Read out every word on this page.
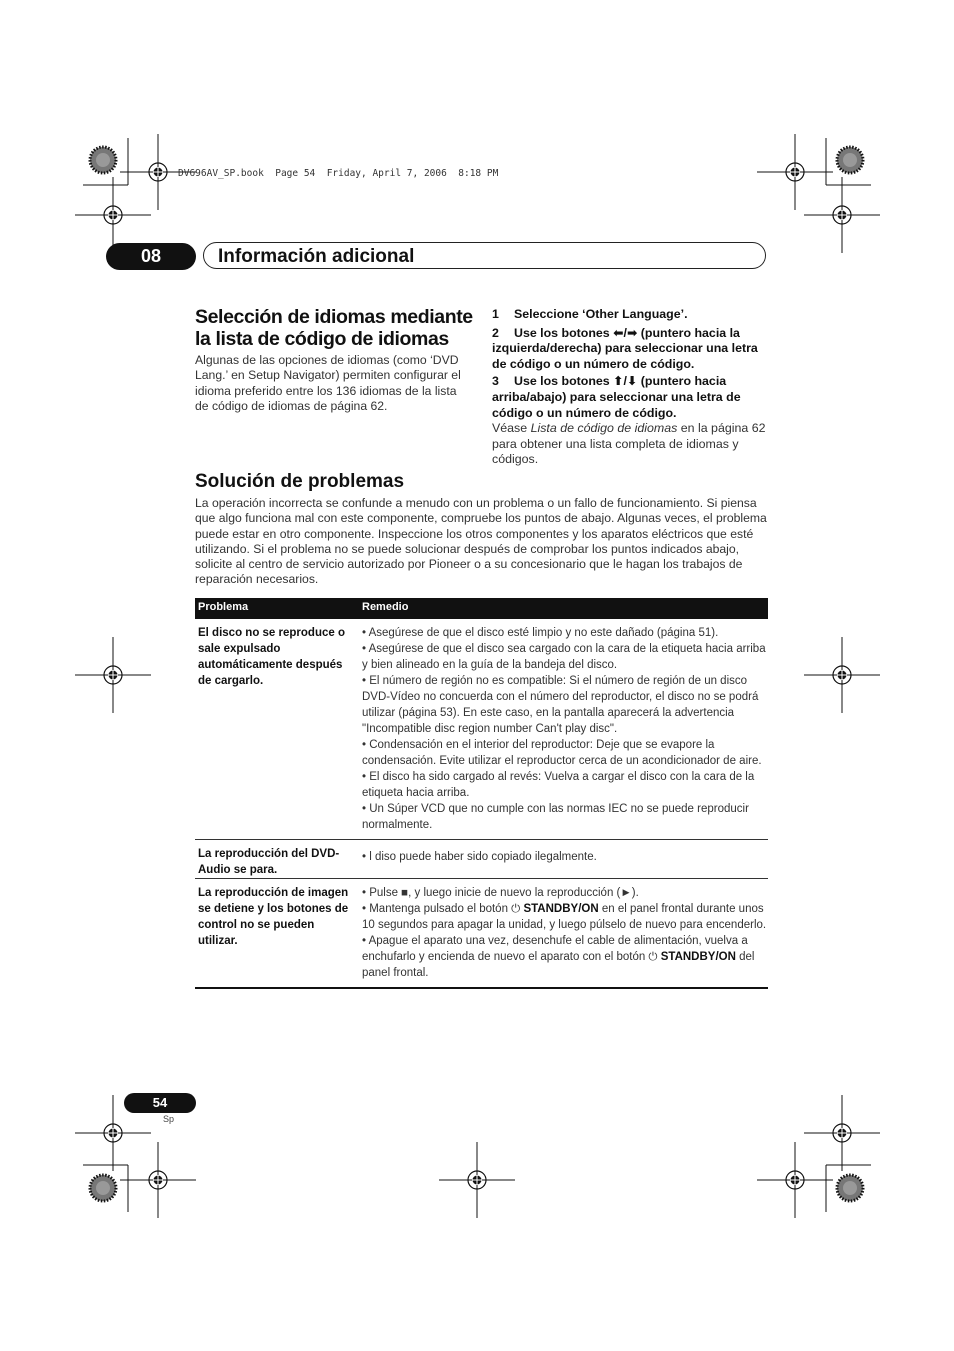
DV696AV_SP.book  Page 54  Friday, April 7, 2006  8:18 PM
08	Información adicional
Selección de idiomas mediante la lista de código de idiomas
Algunas de las opciones de idiomas (como ‘DVD Lang.’ en Setup Navigator) permiten configurar el idioma preferido entre los 136 idiomas de la lista de código de idiomas de página 62.
1 Seleccione ‘Other Language’.
2 Use los botones ⬅/➡ (puntero hacia la izquierda/derecha) para seleccionar una letra de código o un número de código.
3 Use los botones ⬆/⬇ (puntero hacia arriba/abajo) para seleccionar una letra de código o un número de código.
Véase Lista de código de idiomas en la página 62 para obtener una lista completa de idiomas y códigos.
Solución de problemas
La operación incorrecta se confunde a menudo con un problema o un fallo de funcionamiento. Si piensa que algo funciona mal con este componente, compruebe los puntos de abajo. Algunas veces, el problema puede estar en otro componente. Inspeccione los otros componentes y los aparatos eléctricos que esté utilizando. Si el problema no se puede solucionar después de comprobar los puntos indicados abajo, solicite al centro de servicio autorizado por Pioneer o a su concesionario que le hagan los trabajos de reparación necesarios.
Problema	Remedio
El disco no se reproduce o sale expulsado automáticamente después de cargarlo.
• Asegúrese de que el disco esté limpio y no este dañado (página 51).
• Asegúrese de que el disco sea cargado con la cara de la etiqueta hacia arriba y bien alineado en la guía de la bandeja del disco.
• El número de región no es compatible: Si el número de región de un disco DVD-Vídeo no concuerda con el número del reproductor, el disco no se podrá utilizar (página 53). En este caso, en la pantalla aparecerá la advertencia "Incompatible disc region number Can't play disc".
• Condensación en el interior del reproductor: Deje que se evapore la condensación. Evite utilizar el reproductor cerca de un acondicionador de aire.
• El disco ha sido cargado al revés: Vuelva a cargar el disco con la cara de la etiqueta hacia arriba.
• Un Súper VCD que no cumple con las normas IEC no se puede reproducir normalmente.
La reproducción del DVD-Audio se para.
• l diso puede haber sido copiado ilegalmente.
La reproducción de imagen se detiene y los botones de control no se pueden utilizar.
• Pulse ■, y luego inicie de nuevo la reproducción (►).
• Mantenga pulsado el botón ⏻ STANDBY/ON en el panel frontal durante unos 10 segundos para apagar la unidad, y luego púlselo de nuevo para encenderlo.
• Apague el aparato una vez, desenchufe el cable de alimentación, vuelva a enchufarlo y encienda de nuevo el aparato con el botón ⏻ STANDBY/ON del panel frontal.
54
Sp
